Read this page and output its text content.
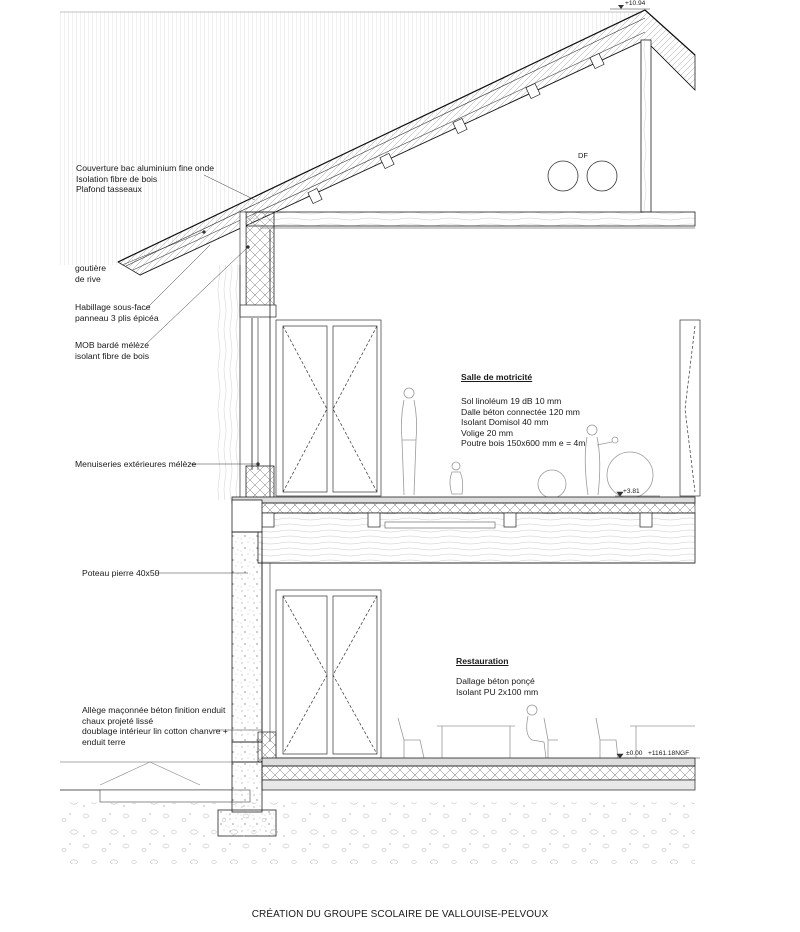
+10.94
DF
Couverture bac aluminium fine onde
Isolation fibre de bois
Plafond tasseaux
goutière
de rive
Habillage sous-face
panneau 3 plis épicéa
MOB bardé mélèze
isolant fibre de bois
Menuiseries extérieures mélèze
Poteau pierre 40x50
Allège maçonnée béton finition enduit
chaux projeté lissé
doublage intérieur lin cotton chanvre +
enduit terre
Salle de motricité
Sol linoléum 19 dB 10 mm
Dalle béton connectée 120 mm
Isolant Domisol 40 mm
Volige 20 mm
Poutre bois 150x600 mm e = 4m
+3.81
Restauration
Dallage béton ponçé
Isolant PU 2x100 mm
±0.00 +1161.18NGF
CRÉATION DU GROUPE SCOLAIRE DE VALLOUISE-PELVOUX
